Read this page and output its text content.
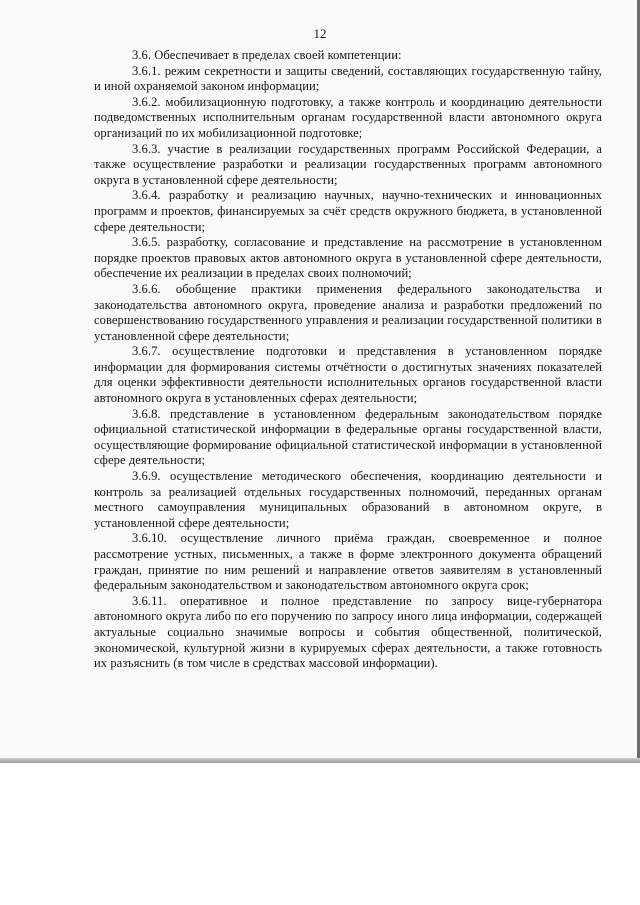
12

3.6. Обеспечивает в пределах своей компетенции:

3.6.1. режим секретности и защиты сведений, составляющих государственную тайну, и иной охраняемой законом информации;

3.6.2. мобилизационную подготовку, а также контроль и координацию деятельности подведомственных исполнительным органам государственной власти автономного округа организаций по их мобилизационной подготовке;

3.6.3. участие в реализации государственных программ Российской Федерации, а также осуществление разработки и реализации государственных программ автономного округа в установленной сфере деятельности;

3.6.4. разработку и реализацию научных, научно-технических и инновационных программ и проектов, финансируемых за счёт средств окружного бюджета, в установленной сфере деятельности;

3.6.5. разработку, согласование и представление на рассмотрение в установленном порядке проектов правовых актов автономного округа в установленной сфере деятельности, обеспечение их реализации в пределах своих полномочий;

3.6.6. обобщение практики применения федерального законодательства и законодательства автономного округа, проведение анализа и разработки предложений по совершенствованию государственного управления и реализации государственной политики в установленной сфере деятельности;

3.6.7. осуществление подготовки и представления в установленном порядке информации для формирования системы отчётности о достигнутых значениях показателей для оценки эффективности деятельности исполнительных органов государственной власти автономного округа в установленных сферах деятельности;

3.6.8. представление в установленном федеральным законодательством порядке официальной статистической информации в федеральные органы государственной власти, осуществляющие формирование официальной статистической информации в установленной сфере деятельности;

3.6.9. осуществление методического обеспечения, координацию деятельности и контроль за реализацией отдельных государственных полномочий, переданных органам местного самоуправления муниципальных образований в автономном округе, в установленной сфере деятельности;

3.6.10. осуществление личного приёма граждан, своевременное и полное рассмотрение устных, письменных, а также в форме электронного документа обращений граждан, принятие по ним решений и направление ответов заявителям в установленный федеральным законодательством и законодательством автономного округа срок;

3.6.11. оперативное и полное представление по запросу вице-губернатора автономного округа либо по его поручению по запросу иного лица информации, содержащей актуальные социально значимые вопросы и события общественной, политической, экономической, культурной жизни в курируемых сферах деятельности, а также готовность их разъяснить (в том числе в средствах массовой информации).
